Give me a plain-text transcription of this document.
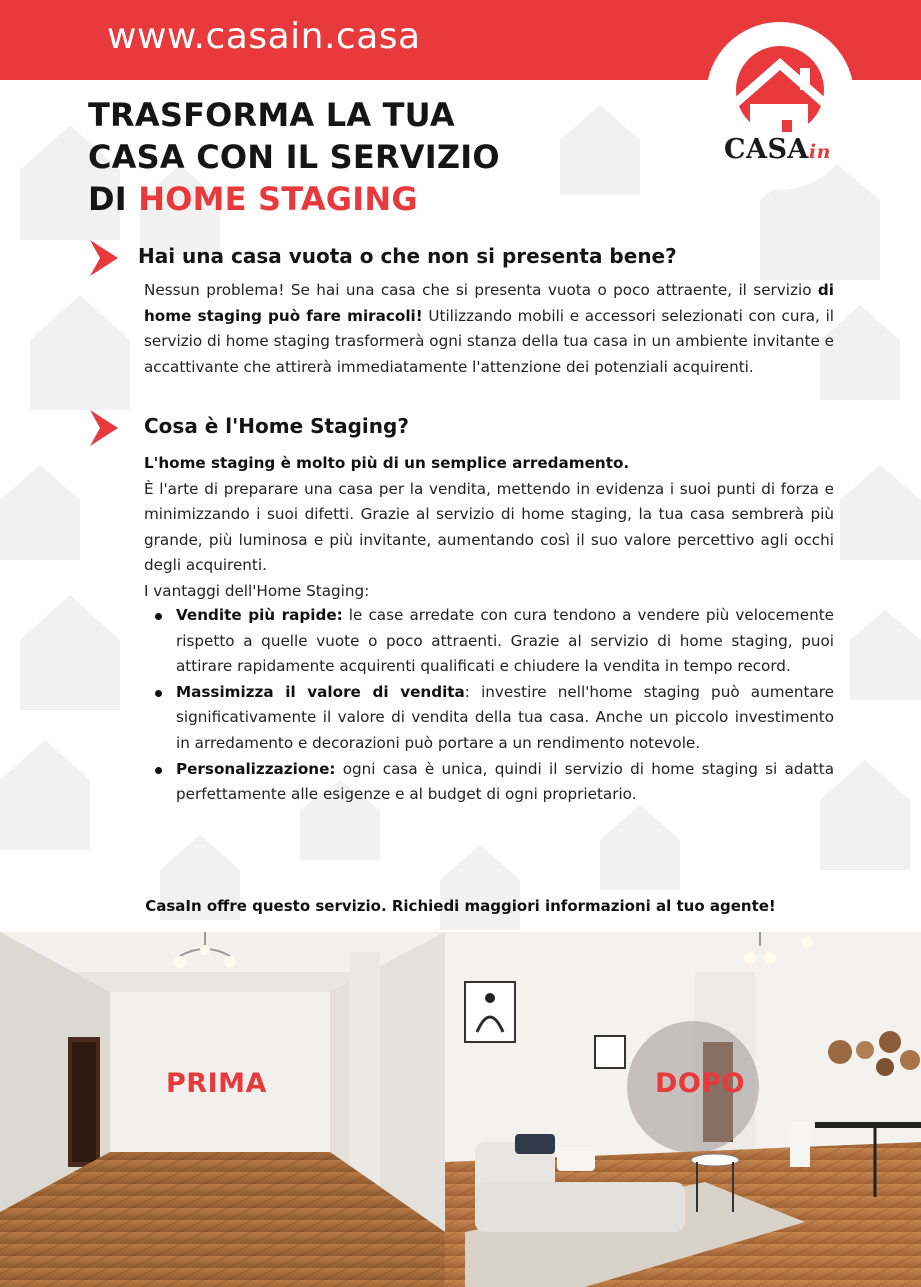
www.casain.casa
CASAin
TRASFORMA LA TUA
CASA CON IL SERVIZIO
DI HOME STAGING
Hai una casa vuota o che non si presenta bene?
Nessun problema! Se hai una casa che si presenta vuota o poco attraente, il servizio di home staging può fare miracoli! Utilizzando mobili e accessori selezionati con cura, il servizio di home staging trasformerà ogni stanza della tua casa in un ambiente invitante e accattivante che attirerà immediatamente l'attenzione dei potenziali acquirenti.
Cosa è l'Home Staging?
L'home staging è molto più di un semplice arredamento.
È l'arte di preparare una casa per la vendita, mettendo in evidenza i suoi punti di forza e minimizzando i suoi difetti. Grazie al servizio di home staging, la tua casa sembrerà più grande, più luminosa e più invitante, aumentando così il suo valore percettivo agli occhi degli acquirenti.
I vantaggi dell'Home Staging:
Vendite più rapide: le case arredate con cura tendono a vendere più velocemente rispetto a quelle vuote o poco attraenti. Grazie al servizio di home staging, puoi attirare rapidamente acquirenti qualificati e chiudere la vendita in tempo record.
Massimizza il valore di vendita: investire nell'home staging può aumentare significativamente il valore di vendita della tua casa. Anche un piccolo investimento in arredamento e decorazioni può portare a un rendimento notevole.
Personalizzazione: ogni casa è unica, quindi il servizio di home staging si adatta perfettamente alle esigenze e al budget di ogni proprietario.
CasaIn offre questo servizio. Richiedi maggiori informazioni al tuo agente!
PRIMA	DOPO
